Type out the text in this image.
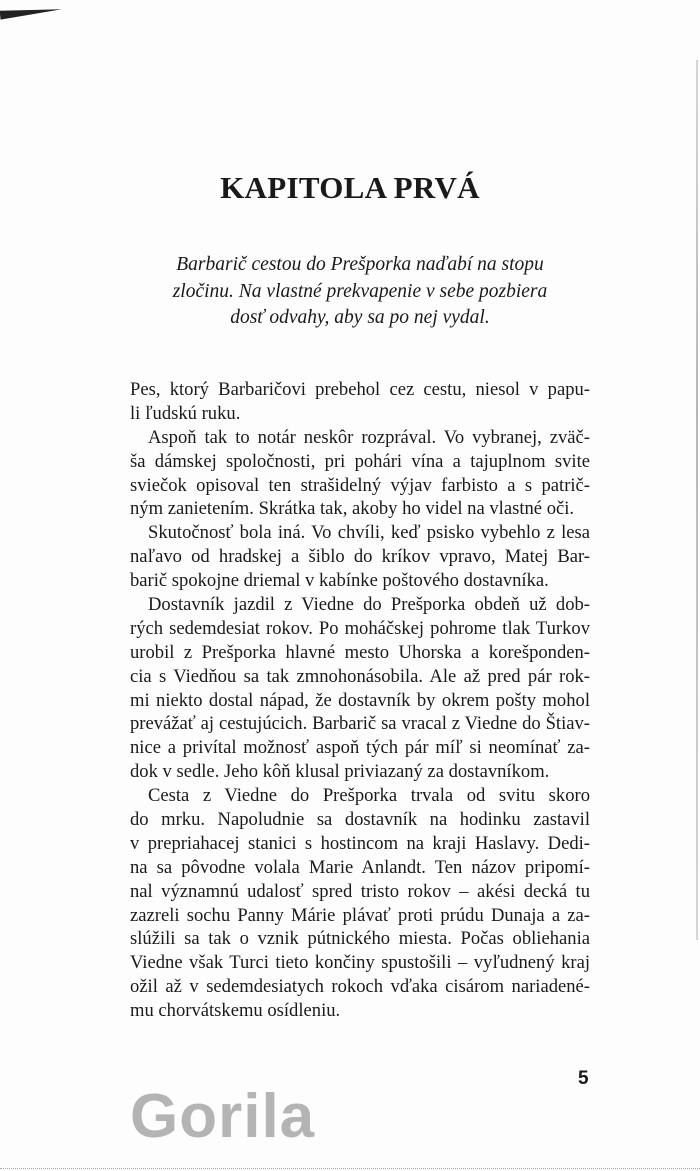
KAPITOLA PRVÁ
Barbarič cestou do Prešporka naďabí na stopu
zločinu. Na vlastné prekvapenie v sebe pozbiera
dosť odvahy, aby sa po nej vydal.
Pes, ktorý Barbaričovi prebehol cez cestu, niesol v papu-
li ľudskú ruku.
Aspoň tak to notár neskôr rozprával. Vo vybranej, zväč-
ša dámskej spoločnosti, pri pohári vína a tajuplnom svite
sviečok opisoval ten strašidelný výjav farbisto a s patrič-
ným zanietením. Skrátka tak, akoby ho videl na vlastné oči.
Skutočnosť bola iná. Vo chvíli, keď psisko vybehlo z lesa
naľavo od hradskej a šiblo do kríkov vpravo, Matej Bar-
barič spokojne driemal v kabínke poštového dostavníka.
Dostavník jazdil z Viedne do Prešporka obdeň už dob-
rých sedemdesiat rokov. Po moháčskej pohrome tlak Turkov
urobil z Prešporka hlavné mesto Uhorska a korešponden-
cia s Viedňou sa tak zmnohonásobila. Ale až pred pár rok-
mi niekto dostal nápad, že dostavník by okrem pošty mohol
prevážať aj cestujúcich. Barbarič sa vracal z Viedne do Štiav-
nice a privítal možnosť aspoň tých pár míľ si neomínať za-
dok v sedle. Jeho kôň klusal priviazaný za dostavníkom.
Cesta z Viedne do Prešporka trvala od svitu skoro
do mrku. Napoludnie sa dostavník na hodinku zastavil
v prepriahacej stanici s hostincom na kraji Haslavy. Dedi-
na sa pôvodne volala Marie Anlandt. Ten názov pripomí-
nal významnú udalosť spred tristo rokov – akési decká tu
zazreli sochu Panny Márie plávať proti prúdu Dunaja a za-
slúžili sa tak o vznik pútnického miesta. Počas obliehania
Viedne však Turci tieto končiny spustošili – vyľudnený kraj
ožil až v sedemdesiatych rokoch vďaka cisárom nariadené-
mu chorvátskemu osídleniu.
Gorila
5
